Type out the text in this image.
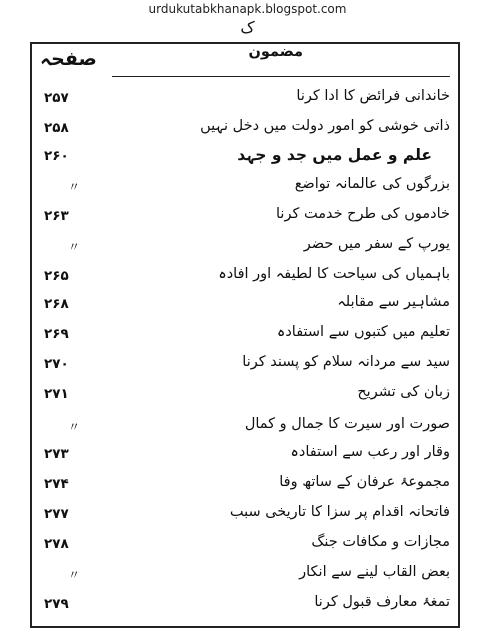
urdukutabkhanapk.blogspot.com
ک
صفحہ	مضمون
خاندانی فرائض کا ادا کرنا
۲۵۷
ذاتی خوشی کو امور دولت میں دخل نہیں
۲۵۸
علم و عمل میں جد و جہد
۲۶۰
بزرگوں کی عالمانہ تواضع
〃
خادموں کی طرح خدمت کرنا
۲۶۳
یورپ کے سفر میں حضر
〃
باہمیاں کی سیاحت کا لطیفہ اور افادہ
۲۶۵
مشاہیر سے مقابلہ
۲۶۸
تعلیم میں کتبوں سے استفادہ
۲۶۹
سید سے مردانہ سلام کو پسند کرنا
۲۷۰
زبان کی تشریح
۲۷۱
صورت اور سیرت کا جمال و کمال
〃
وقار اور رعب سے استفادہ
۲۷۳
مجموعۂ عرفان کے ساتھ وفا
۲۷۴
فاتحانہ اقدام پر سزا کا تاریخی سبب
۲۷۷
مجازات و مکافات جنگ
۲۷۸
بعض القاب لینے سے انکار
〃
تمغۂ معارف قبول کرنا
۲۷۹
